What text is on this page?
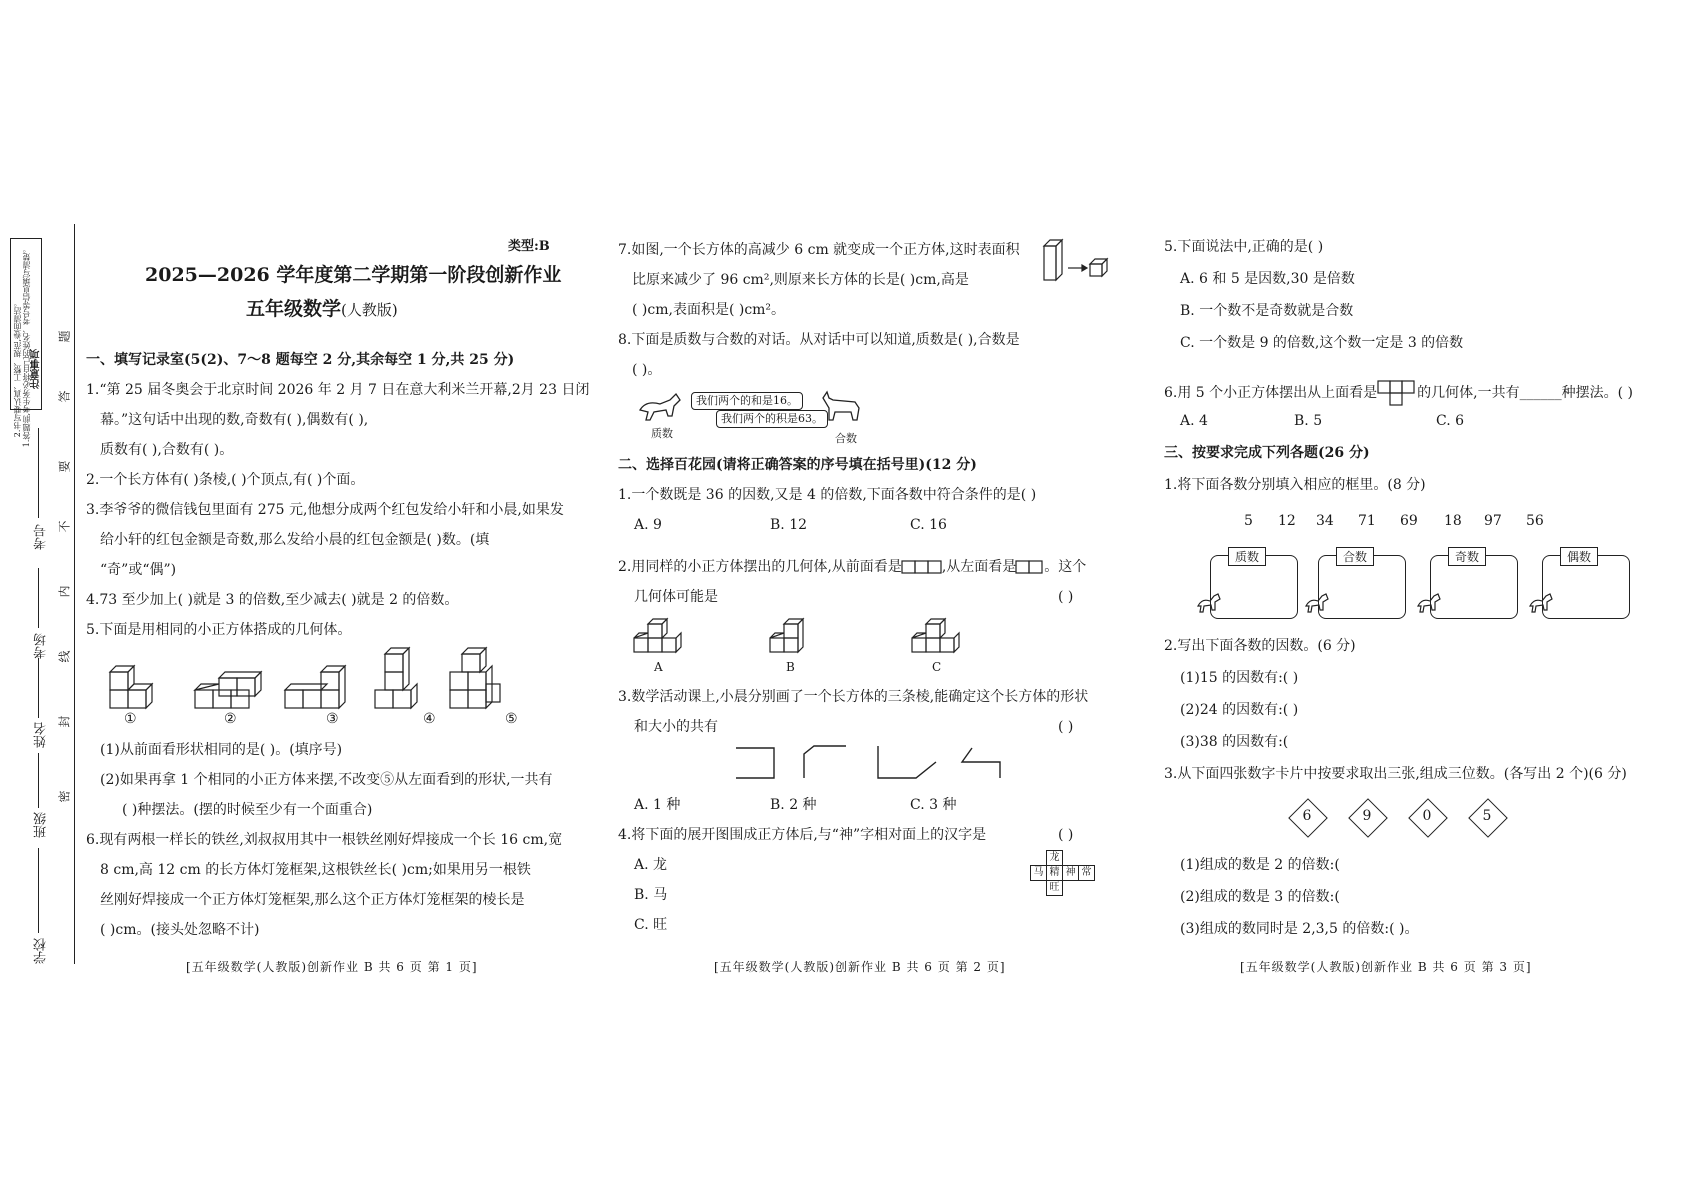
注意事项
1.答题前,考生务必将自己的姓名、考号等信息填写清楚。
2.书写要认真、工整、规范,卷面清洁。
考号
考场
姓名
班级
学校
题
答
要
不
内
线
封
密
类型:B
2025—2026 学年度第二学期第一阶段创新作业
五年级数学(人教版)
一、填写记录室(5(2)、7～8 题每空 2 分,其余每空 1 分,共 25 分)
1.“第 25 届冬奥会于北京时间 2026 年 2 月 7 日在意大利米兰开幕,2月 23 日闭
幕。”这句话中出现的数,奇数有( ),偶数有( ),
质数有( ),合数有( )。
2.一个长方体有( )条棱,( )个顶点,有( )个面。
3.李爷爷的微信钱包里面有 275 元,他想分成两个红包发给小轩和小晨,如果发
给小轩的红包金额是奇数,那么发给小晨的红包金额是( )数。(填
“奇”或“偶”)
4.73 至少加上( )就是 3 的倍数,至少减去( )就是 2 的倍数。
5.下面是用相同的小正方体搭成的几何体。
①	②	③	④	⑤
(1)从前面看形状相同的是( )。(填序号)
(2)如果再拿 1 个相同的小正方体来摆,不改变⑤从左面看到的形状,一共有
( )种摆法。(摆的时候至少有一个面重合)
6.现有两根一样长的铁丝,刘叔叔用其中一根铁丝刚好焊接成一个长 16 cm,宽
8 cm,高 12 cm 的长方体灯笼框架,这根铁丝长( )cm;如果用另一根铁
丝刚好焊接成一个正方体灯笼框架,那么这个正方体灯笼框架的棱长是
( )cm。(接头处忽略不计)
[五年级数学(人教版)创新作业 B 共 6 页 第 1 页]
7.如图,一个长方体的高减少 6 cm 就变成一个正方体,这时表面积
比原来减少了 96 cm²,则原来长方体的长是( )cm,高是
( )cm,表面积是( )cm²。
8.下面是质数与合数的对话。从对话中可以知道,质数是( ),合数是
( )。
质数
我们两个的和是16。
我们两个的积是63。
合数
二、选择百花园(请将正确答案的序号填在括号里)(12 分)
1.一个数既是 36 的因数,又是 4 的倍数,下面各数中符合条件的是( )
A. 9	B. 12	C. 16
2.用同样的小正方体摆出的几何体,从前面看是	,从左面看是 。这个
几何体可能是	( )
A	B	C
3.数学活动课上,小晨分别画了一个长方体的三条棱,能确定这个长方体的形状
和大小的共有	( )
A. 1 种	B. 2 种	C. 3 种
4.将下面的展开图围成正方体后,与“神”字相对面上的汉字是	( )
A. 龙
B. 马
C. 旺
龙
马 精 神 常
旺
[五年级数学(人教版)创新作业 B 共 6 页 第 2 页]
5.下面说法中,正确的是( )
A. 6 和 5 是因数,30 是倍数
B. 一个数不是奇数就是合数
C. 一个数是 9 的倍数,这个数一定是 3 的倍数
6.用 5 个小正方体摆出从上面看是	的几何体,一共有______种摆法。( )
A. 4	B. 5	C. 6
三、按要求完成下列各题(26 分)
1.将下面各数分别填入相应的框里。(8 分)
5 12 34 71 69 18 97 56
质数	合数	奇数	偶数
2.写出下面各数的因数。(6 分)
(1)15 的因数有:( )
(2)24 的因数有:( )
(3)38 的因数有:(
3.从下面四张数字卡片中按要求取出三张,组成三位数。(各写出 2 个)(6 分)
6	9	0	5
(1)组成的数是 2 的倍数:(
(2)组成的数是 3 的倍数:(
(3)组成的数同时是 2,3,5 的倍数:( )。
[五年级数学(人教版)创新作业 B 共 6 页 第 3 页]
